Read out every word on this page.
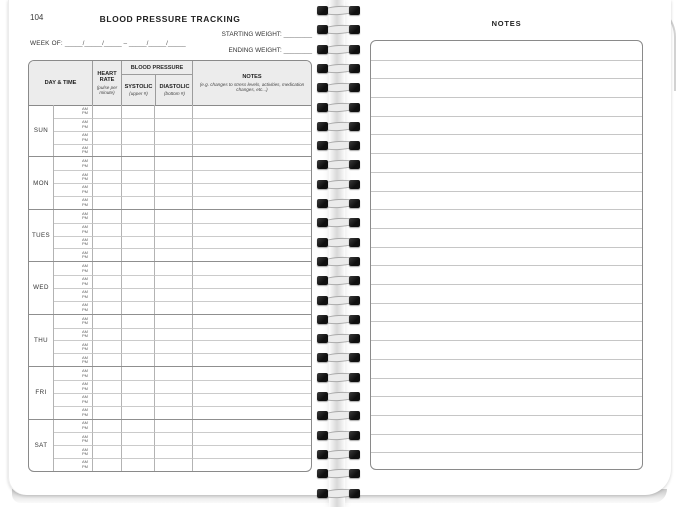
104	BLOOD PRESSURE TRACKING
WEEK OF: _____/_____/_____ – _____/_____/_____
STARTING WEIGHT: ________
ENDING WEIGHT: ________
DAY & TIME
HEART RATE
(pulse per minute)
BLOOD PRESSURE
SYSTOLIC
(upper #)
DIASTOLIC
(bottom #)
NOTES
(e.g. changes to stress levels, activities, medication changes, etc...)
SUN
AM
PM
AM
PM
AM
PM
AM
PM
MON
AM
PM
AM
PM
AM
PM
AM
PM
TUES
AM
PM
AM
PM
AM
PM
AM
PM
WED
AM
PM
AM
PM
AM
PM
AM
PM
THU
AM
PM
AM
PM
AM
PM
AM
PM
FRI
AM
PM
AM
PM
AM
PM
AM
PM
SAT
AM
PM
AM
PM
AM
PM
AM
PM
NOTES
